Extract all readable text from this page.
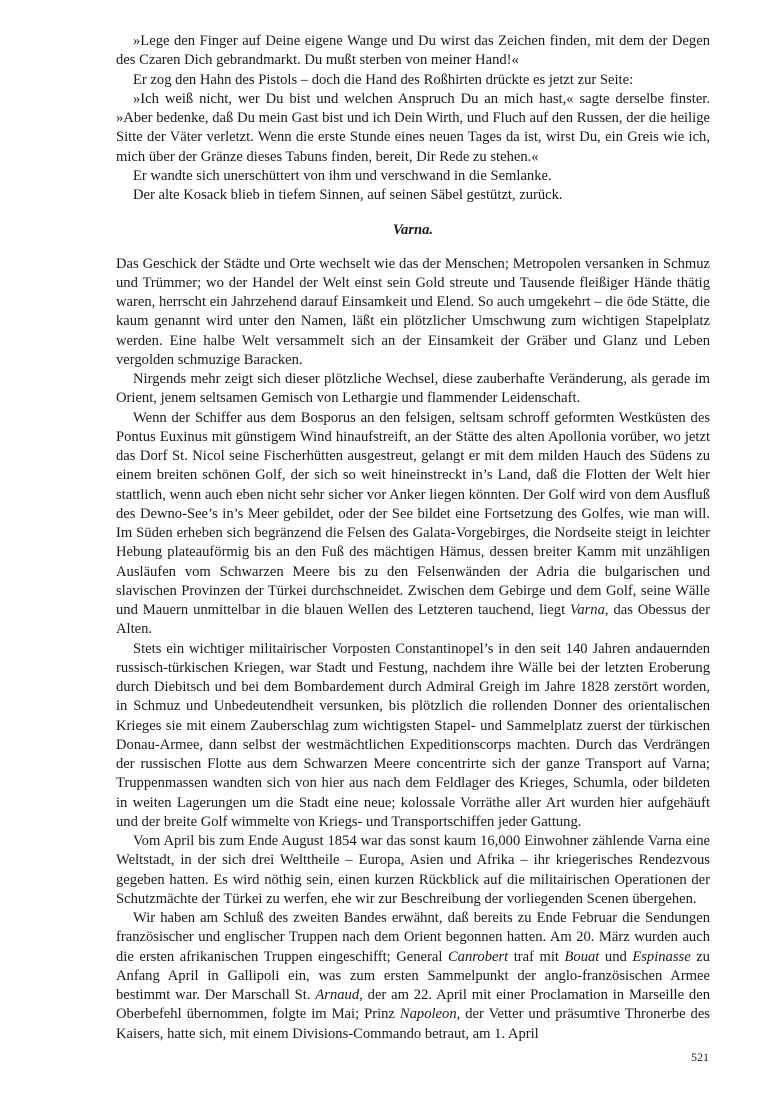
»Lege den Finger auf Deine eigene Wange und Du wirst das Zeichen finden, mit dem der Degen des Czaren Dich gebrandmarkt. Du mußt sterben von meiner Hand!«

Er zog den Hahn des Pistols – doch die Hand des Roßhirten drückte es jetzt zur Seite:

»Ich weiß nicht, wer Du bist und welchen Anspruch Du an mich hast,« sagte derselbe finster. »Aber bedenke, daß Du mein Gast bist und ich Dein Wirth, und Fluch auf den Russen, der die heilige Sitte der Väter verletzt. Wenn die erste Stunde eines neuen Tages da ist, wirst Du, ein Greis wie ich, mich über der Gränze dieses Tabuns finden, bereit, Dir Rede zu stehen.«

Er wandte sich unerschüttert von ihm und verschwand in die Semlanke.

Der alte Kosack blieb in tiefem Sinnen, auf seinen Säbel gestützt, zurück.

Varna.

Das Geschick der Städte und Orte wechselt wie das der Menschen; Metropolen versanken in Schmuz und Trümmer; wo der Handel der Welt einst sein Gold streute und Tausende fleißiger Hände thätig waren, herrscht ein Jahrzehend darauf Einsamkeit und Elend. So auch umgekehrt – die öde Stätte, die kaum genannt wird unter den Namen, läßt ein plötzlicher Umschwung zum wichtigen Stapelplatz werden. Eine halbe Welt versammelt sich an der Einsamkeit der Gräber und Glanz und Leben vergolden schmuzige Baracken.

Nirgends mehr zeigt sich dieser plötzliche Wechsel, diese zauberhafte Veränderung, als gerade im Orient, jenem seltsamen Gemisch von Lethargie und flammender Leidenschaft.

Wenn der Schiffer aus dem Bosporus an den felsigen, seltsam schroff geformten Westküsten des Pontus Euxinus mit günstigem Wind hinaufstreift, an der Stätte des alten Apollonia vorüber, wo jetzt das Dorf St. Nicol seine Fischerhütten ausgestreut, gelangt er mit dem milden Hauch des Südens zu einem breiten schönen Golf, der sich so weit hineinstreckt in’s Land, daß die Flotten der Welt hier stattlich, wenn auch eben nicht sehr sicher vor Anker liegen könnten. Der Golf wird von dem Ausfluß des Dewno-See’s in’s Meer gebildet, oder der See bildet eine Fortsetzung des Golfes, wie man will. Im Süden erheben sich begränzend die Felsen des Galata-Vorgebirges, die Nordseite steigt in leichter Hebung plateauförmig bis an den Fuß des mächtigen Hämus, dessen breiter Kamm mit unzähligen Ausläufen vom Schwarzen Meere bis zu den Felsenwänden der Adria die bulgarischen und slavischen Provinzen der Türkei durchschneidet. Zwischen dem Gebirge und dem Golf, seine Wälle und Mauern unmittelbar in die blauen Wellen des Letzteren tauchend, liegt Varna, das Obessus der Alten.

Stets ein wichtiger militairischer Vorposten Constantinopel’s in den seit 140 Jahren andauernden russisch-türkischen Kriegen, war Stadt und Festung, nachdem ihre Wälle bei der letzten Eroberung durch Diebitsch und bei dem Bombardement durch Admiral Greigh im Jahre 1828 zerstört worden, in Schmuz und Unbedeutendheit versunken, bis plötzlich die rollenden Donner des orientalischen Krieges sie mit einem Zauberschlag zum wichtigsten Stapel- und Sammelplatz zuerst der türkischen Donau-Armee, dann selbst der westmächtlichen Expeditionscorps machten. Durch das Verdrängen der russischen Flotte aus dem Schwarzen Meere concentrirte sich der ganze Transport auf Varna; Truppenmassen wandten sich von hier aus nach dem Feldlager des Krieges, Schumla, oder bildeten in weiten Lagerungen um die Stadt eine neue; kolossale Vorräthe aller Art wurden hier aufgehäuft und der breite Golf wimmelte von Kriegs- und Transportschiffen jeder Gattung.

Vom April bis zum Ende August 1854 war das sonst kaum 16,000 Einwohner zählende Varna eine Weltstadt, in der sich drei Welttheile – Europa, Asien und Afrika – ihr kriegerisches Rendezvous gegeben hatten. Es wird nöthig sein, einen kurzen Rückblick auf die militairischen Operationen der Schutzmächte der Türkei zu werfen, ehe wir zur Beschreibung der vorliegenden Scenen übergehen.

Wir haben am Schluß des zweiten Bandes erwähnt, daß bereits zu Ende Februar die Sendungen französischer und englischer Truppen nach dem Orient begonnen hatten. Am 20. März wurden auch die ersten afrikanischen Truppen eingeschifft; General Canrobert traf mit Bouat und Espinasse zu Anfang April in Gallipoli ein, was zum ersten Sammelpunkt der anglo-französischen Armee bestimmt war. Der Marschall St. Arnaud, der am 22. April mit einer Proclamation in Marseille den Oberbefehl übernommen, folgte im Mai; Prinz Napoleon, der Vetter und präsumtive Thronerbe des Kaisers, hatte sich, mit einem Divisions-Commando betraut, am 1. April

521
